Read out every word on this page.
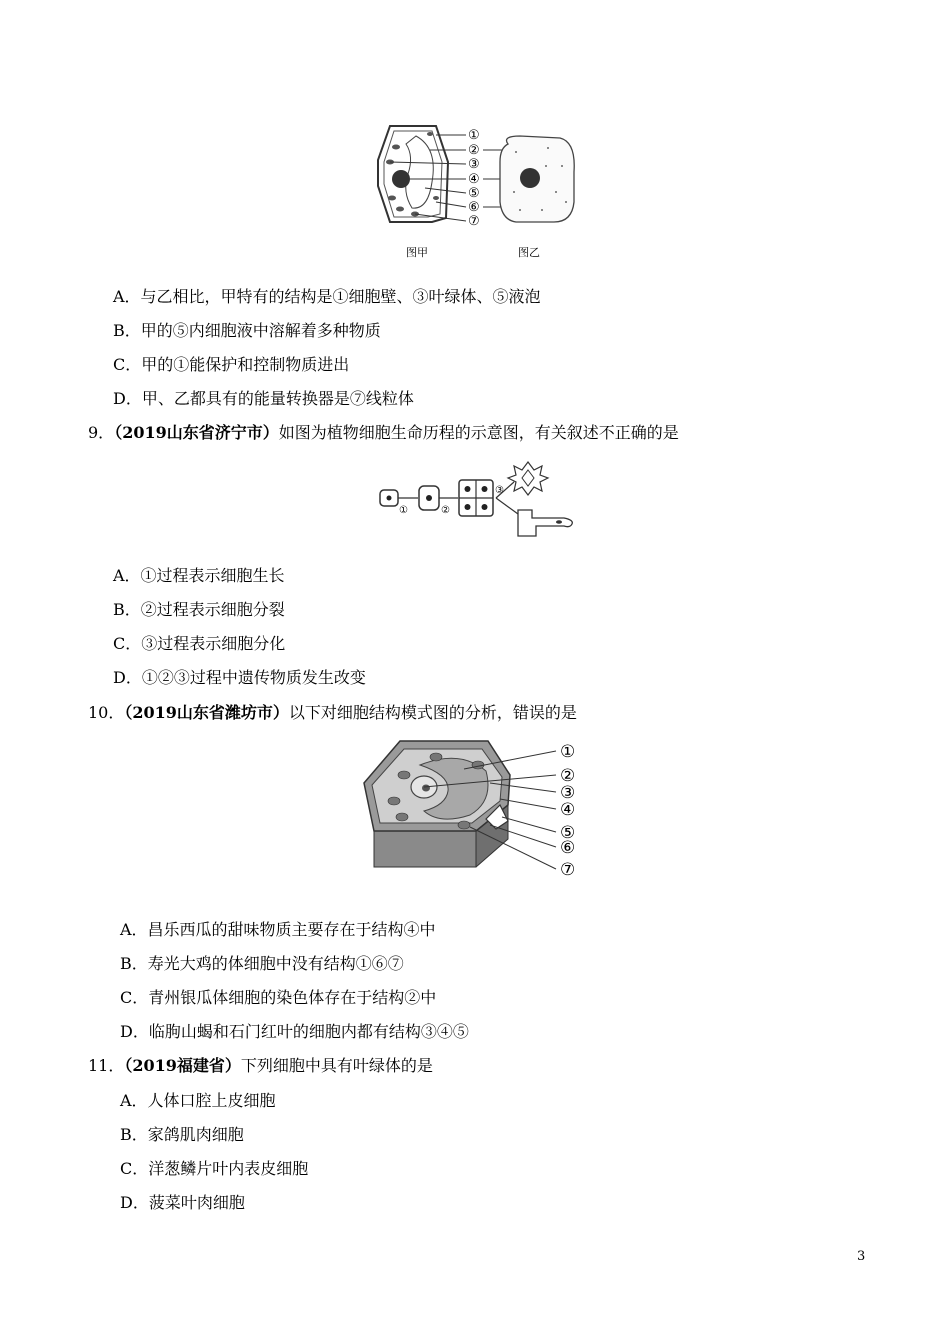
①
②
③
④
⑤
⑥
⑦
图甲	图乙
A．与乙相比，甲特有的结构是①细胞壁、③叶绿体、⑤液泡
B．甲的⑤内细胞液中溶解着多种物质
C．甲的①能保护和控制物质进出
D．甲、乙都具有的能量转换器是⑦线粒体
9．（2019山东省济宁市）如图为植物细胞生命历程的示意图，有关叙述不正确的是
①	②
③
A．①过程表示细胞生长
B．②过程表示细胞分裂
C．③过程表示细胞分化
D．①②③过程中遗传物质发生改变
10．（2019山东省潍坊市）以下对细胞结构模式图的分析，错误的是
①
②
③
④
⑤
⑥
⑦
A．昌乐西瓜的甜味物质主要存在于结构④中
B．寿光大鸡的体细胞中没有结构①⑥⑦
C．青州银瓜体细胞的染色体存在于结构②中
D．临朐山蝎和石门红叶的细胞内都有结构③④⑤
11．（2019福建省）下列细胞中具有叶绿体的是
A．人体口腔上皮细胞
B．家鸽肌肉细胞
C．洋葱鳞片叶内表皮细胞
D．菠菜叶肉细胞
3
